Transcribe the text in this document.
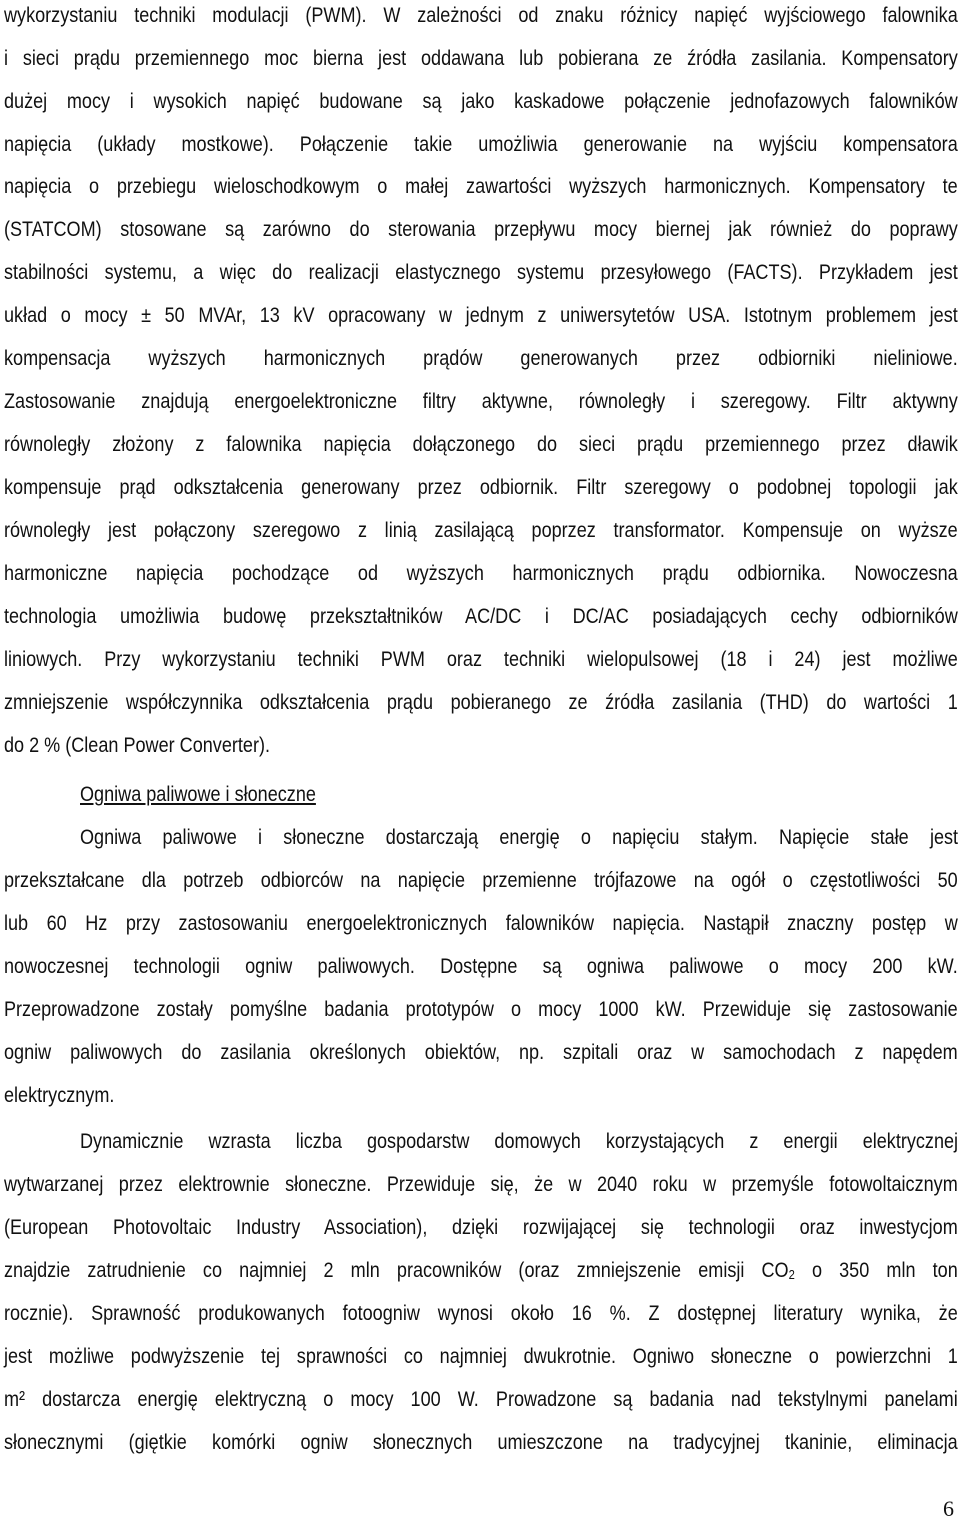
wykorzystaniu techniki modulacji (PWM). W zależności od znaku różnicy napięć wyjściowego falownika
i sieci prądu przemiennego moc bierna jest oddawana lub pobierana ze źródła zasilania. Kompensatory
dużej mocy i wysokich napięć budowane są jako kaskadowe połączenie jednofazowych falowników
napięcia (układy mostkowe). Połączenie takie umożliwia generowanie na wyjściu kompensatora
napięcia o przebiegu wieloschodkowym o małej zawartości wyższych harmonicznych. Kompensatory te
(STATCOM) stosowane są zarówno do sterowania przepływu mocy biernej jak również do poprawy
stabilności systemu, a więc do realizacji elastycznego systemu przesyłowego (FACTS). Przykładem jest
układ o mocy ± 50 MVAr, 13 kV opracowany w jednym z uniwersytetów USA. Istotnym problemem jest
kompensacja wyższych harmonicznych prądów generowanych przez odbiorniki nieliniowe.
Zastosowanie znajdują energoelektroniczne filtry aktywne, równoległy i szeregowy. Filtr aktywny
równoległy złożony z falownika napięcia dołączonego do sieci prądu przemiennego przez dławik
kompensuje prąd odkształcenia generowany przez odbiornik. Filtr szeregowy o podobnej topologii jak
równoległy jest połączony szeregowo z linią zasilającą poprzez transformator. Kompensuje on wyższe
harmoniczne napięcia pochodzące od wyższych harmonicznych prądu odbiornika. Nowoczesna
technologia umożliwia budowę przekształtników AC/DC i DC/AC posiadających cechy odbiorników
liniowych. Przy wykorzystaniu techniki PWM oraz techniki wielopulsowej (18 i 24) jest możliwe
zmniejszenie współczynnika odkształcenia prądu pobieranego ze źródła zasilania (THD) do wartości 1
do 2 % (Clean Power Converter).
Ogniwa paliwowe i słoneczne
Ogniwa paliwowe i słoneczne dostarczają energię o napięciu stałym. Napięcie stałe jest
przekształcane dla potrzeb odbiorców na napięcie przemienne trójfazowe na ogół o częstotliwości 50
lub 60 Hz przy zastosowaniu energoelektronicznych falowników napięcia. Nastąpił znaczny postęp w
nowoczesnej technologii ogniw paliwowych. Dostępne są ogniwa paliwowe o mocy 200 kW.
Przeprowadzone zostały pomyślne badania prototypów o mocy 1000 kW. Przewiduje się zastosowanie
ogniw paliwowych do zasilania określonych obiektów, np. szpitali oraz w samochodach z napędem
elektrycznym.
Dynamicznie wzrasta liczba gospodarstw domowych korzystających z energii elektrycznej
wytwarzanej przez elektrownie słoneczne. Przewiduje się, że w 2040 roku w przemyśle fotowoltaicznym
(European Photovoltaic Industry Association), dzięki rozwijającej się technologii oraz inwestycjom
znajdzie zatrudnienie co najmniej 2 mln pracowników (oraz zmniejszenie emisji CO2 o 350 mln ton
rocznie). Sprawność produkowanych fotoogniw wynosi około 16 %. Z dostępnej literatury wynika, że
jest możliwe podwyższenie tej sprawności co najmniej dwukrotnie. Ogniwo słoneczne o powierzchni 1
m² dostarcza energię elektryczną o mocy 100 W. Prowadzone są badania nad tekstylnymi panelami
słonecznymi (giętkie komórki ogniw słonecznych umieszczone na tradycyjnej tkaninie, eliminacja
6
